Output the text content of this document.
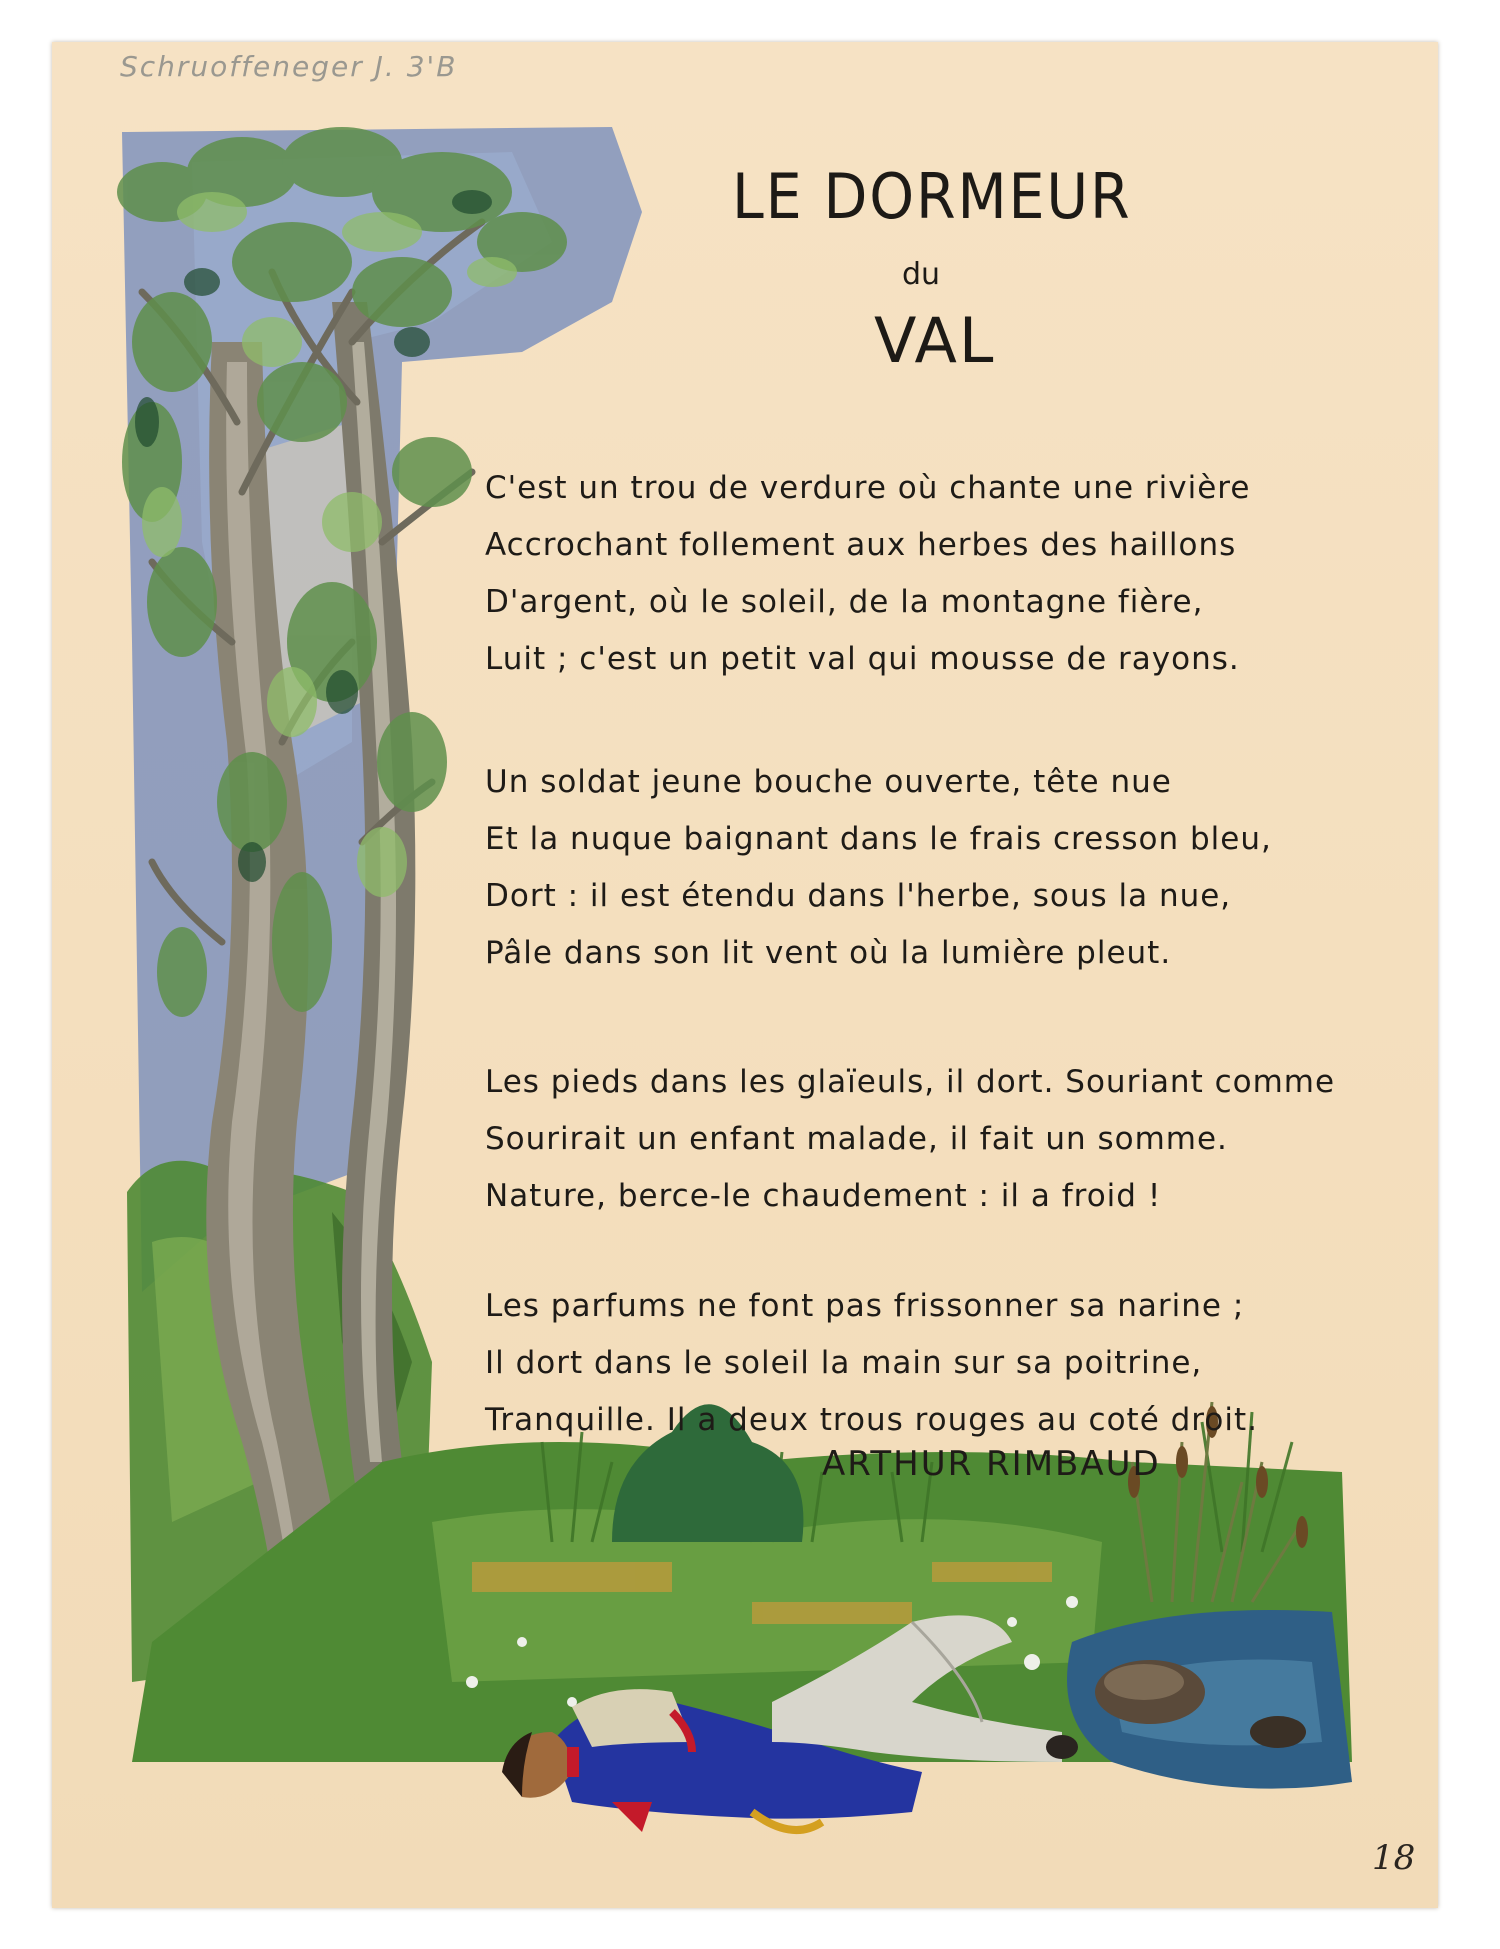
Schruoffeneger J. 3'B
LE DORMEUR
du
VAL
C'est un trou de verdure où chante une rivière
Accrochant follement aux herbes des haillons
D'argent, où le soleil, de la montagne fière,
Luit ; c'est un petit val qui mousse de rayons.
Un soldat jeune bouche ouverte, tête nue
Et la nuque baignant dans le frais cresson bleu,
Dort : il est étendu dans l'herbe, sous la nue,
Pâle dans son lit vent où la lumière pleut.
Les pieds dans les glaïeuls, il dort. Souriant comme
Sourirait un enfant malade, il fait un somme.
Nature, berce-le chaudement : il a froid !
Les parfums ne font pas frissonner sa narine ;
Il dort dans le soleil la main sur sa poitrine,
Tranquille. Il a deux trous rouges au coté droit.
ARTHUR RIMBAUD
18
